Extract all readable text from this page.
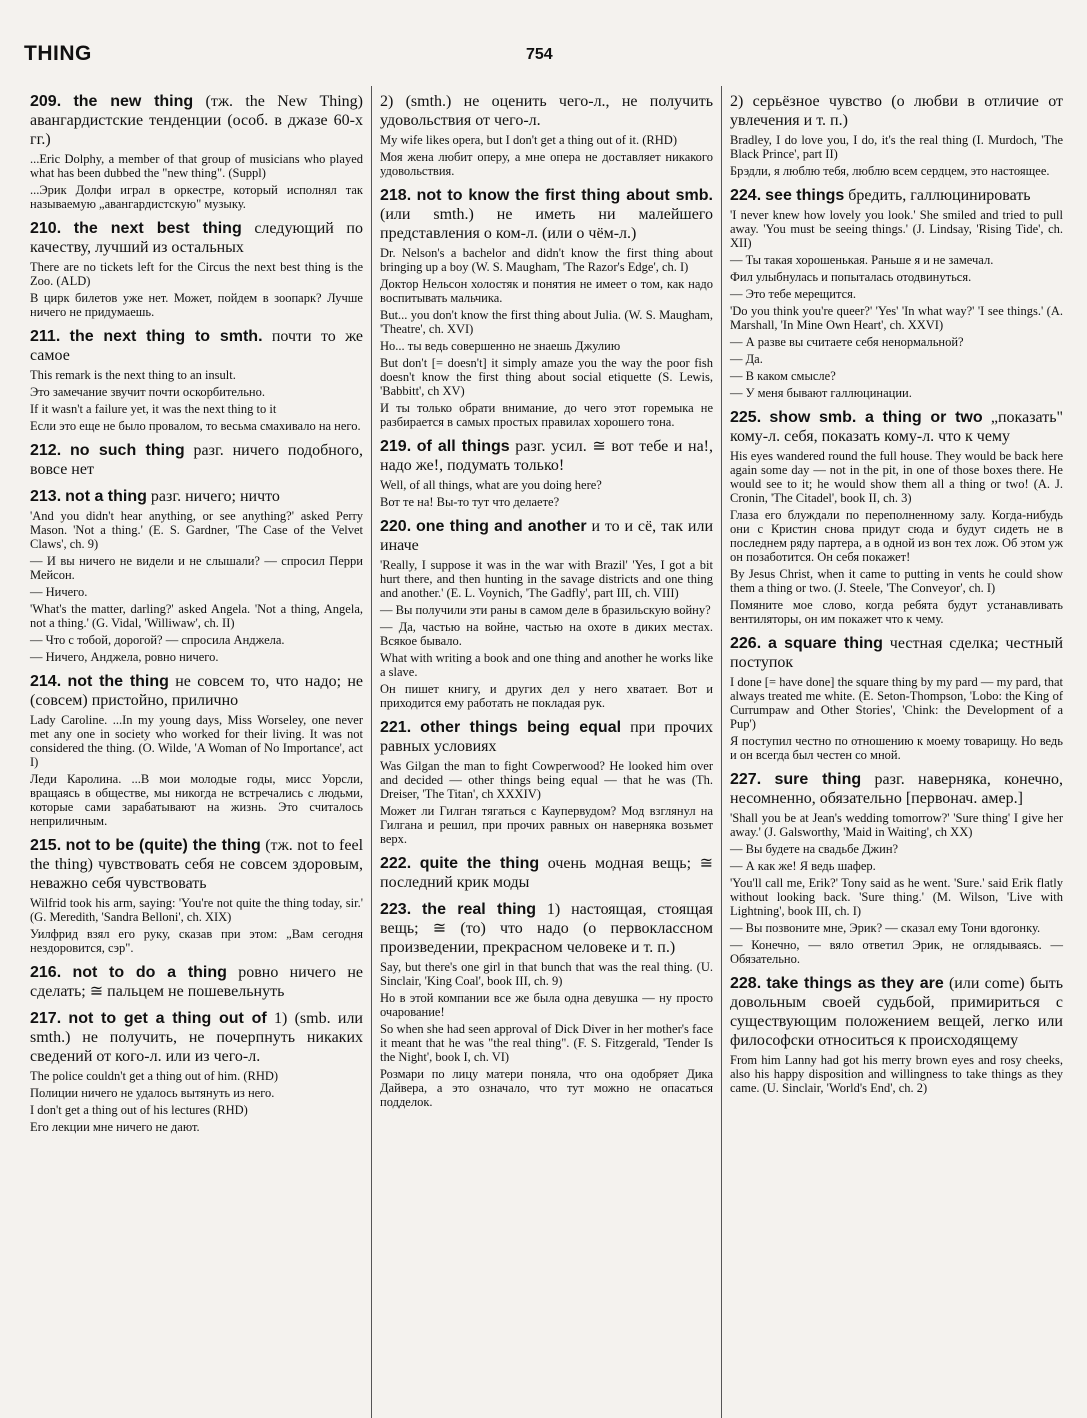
THING	754
209. the new thing (тж. the New Thing) авангардистские тенденции (особ. в джазе 60-х гг.)
...Eric Dolphy, a member of that group of musicians who played what has been dubbed the "new thing". (Suppl)
...Эрик Долфи играл в оркестре, который исполнял так называемую „авангардистскую" музыку.
210. the next best thing следующий по качеству, лучший из остальных
There are no tickets left for the Circus the next best thing is the Zoo. (ALD)
В цирк билетов уже нет. Может, пойдем в зоопарк? Лучше ничего не придумаешь.
211. the next thing to smth. почти то же самое
This remark is the next thing to an insult.
Это замечание звучит почти оскорбительно.
If it wasn't a failure yet, it was the next thing to it
Если это еще не было провалом, то весьма смахивало на него.
212. no such thing разг. ничего подобного, вовсе нет
213. not a thing разг. ничего; ничто
'And you didn't hear anything, or see anything?' asked Perry Mason. 'Not a thing.' (E. S. Gardner, 'The Case of the Velvet Claws', ch. 9)
— И вы ничего не видели и не слышали? — спросил Перри Мейсон.
— Ничего.
'What's the matter, darling?' asked Angela. 'Not a thing, Angela, not a thing.' (G. Vidal, 'Williwaw', ch. II)
— Что с тобой, дорогой? — спросила Анджела.
— Ничего, Анджела, ровно ничего.
214. not the thing не совсем то, что надо; не (совсем) пристойно, прилично
Lady Caroline. ...In my young days, Miss Worseley, one never met any one in society who worked for their living. It was not considered the thing. (O. Wilde, 'A Woman of No Importance', act I)
Леди Каролина. ...В мои молодые годы, мисс Уорсли, вращаясь в обществе, мы никогда не встречались с людьми, которые сами зарабатывают на жизнь. Это считалось неприличным.
215. not to be (quite) the thing (тж. not to feel the thing) чувствовать себя не совсем здоровым, неважно себя чувствовать
Wilfrid took his arm, saying: 'You're not quite the thing today, sir.' (G. Meredith, 'Sandra Belloni', ch. XIX)
Уилфрид взял его руку, сказав при этом: „Вам сегодня нездоровится, сэр".
216. not to do a thing ровно ничего не сделать; ≅ пальцем не пошевельнуть
217. not to get a thing out of 1) (smb. или smth.) не получить, не почерпнуть никаких сведений от кого-л. или из чего-л.
The police couldn't get a thing out of him. (RHD)
Полиции ничего не удалось вытянуть из него.
I don't get a thing out of his lectures (RHD)
Его лекции мне ничего не дают.
2) (smth.) не оценить чего-л., не получить удовольствия от чего-л.
My wife likes opera, but I don't get a thing out of it. (RHD)
Моя жена любит оперу, а мне опера не доставляет никакого удовольствия.
218. not to know the first thing about smb. (или smth.) не иметь ни малейшего представления о ком-л. (или о чём-л.)
Dr. Nelson's a bachelor and didn't know the first thing about bringing up a boy (W. S. Maugham, 'The Razor's Edge', ch. I)
Доктор Нельсон холостяк и понятия не имеет о том, как надо воспитывать мальчика.
But... you don't know the first thing about Julia. (W. S. Maugham, 'Theatre', ch. XVI)
Но... ты ведь совершенно не знаешь Джулию
But don't [= doesn't] it simply amaze you the way the poor fish doesn't know the first thing about social etiquette (S. Lewis, 'Babbitt', ch XV)
И ты только обрати внимание, до чего этот горемыка не разбирается в самых простых правилах хорошего тона.
219. of all things разг. усил. ≅ вот тебе и на!, надо же!, подумать только!
Well, of all things, what are you doing here?
Вот те на! Вы-то тут что делаете?
220. one thing and another и то и сё, так или иначе
'Really, I suppose it was in the war with Brazil' 'Yes, I got a bit hurt there, and then hunting in the savage districts and one thing and another.' (E. L. Voynich, 'The Gadfly', part III, ch. VIII)
— Вы получили эти раны в самом деле в бразильскую войну?
— Да, частью на войне, частью на охоте в диких местах. Всякое бывало.
What with writing a book and one thing and another he works like a slave.
Он пишет книгу, и других дел у него хватает. Вот и приходится ему работать не покладая рук.
221. other things being equal при прочих равных условиях
Was Gilgan the man to fight Cowperwood? He looked him over and decided — other things being equal — that he was (Th. Dreiser, 'The Titan', ch XXXIV)
Может ли Гилган тягаться с Каупервудом? Мод взглянул на Гилгана и решил, при прочих равных он наверняка возьмет верх.
222. quite the thing очень модная вещь; ≅ последний крик моды
223. the real thing 1) настоящая, стоящая вещь; ≅ (то) что надо (о первоклассном произведении, прекрасном человеке и т. п.)
Say, but there's one girl in that bunch that was the real thing. (U. Sinclair, 'King Coal', book III, ch. 9)
Но в этой компании все же была одна девушка — ну просто очарование!
So when she had seen approval of Dick Diver in her mother's face it meant that he was "the real thing". (F. S. Fitzgerald, 'Tender Is the Night', book I, ch. VI)
Розмари по лицу матери поняла, что она одобряет Дика Дайвера, а это означало, что тут можно не опасаться подделок.
2) серьёзное чувство (о любви в отличие от увлечения и т. п.)
Bradley, I do love you, I do, it's the real thing (I. Murdoch, 'The Black Prince', part II)
Брэдли, я люблю тебя, люблю всем сердцем, это настоящее.
224. see things бредить, галлюцинировать
'I never knew how lovely you look.' She smiled and tried to pull away. 'You must be seeing things.' (J. Lindsay, 'Rising Tide', ch. XII)
— Ты такая хорошенькая. Раньше я и не замечал.
Фил улыбнулась и попыталась отодвинуться.
— Это тебе мерещится.
'Do you think you're queer?' 'Yes' 'In what way?' 'I see things.' (A. Marshall, 'In Mine Own Heart', ch. XXVI)
— А разве вы считаете себя ненормальной?
— Да.
— В каком смысле?
— У меня бывают галлюцинации.
225. show smb. a thing or two „показать" кому-л. себя, показать кому-л. что к чему
His eyes wandered round the full house. They would be back here again some day — not in the pit, in one of those boxes there. He would see to it; he would show them all a thing or two! (A. J. Cronin, 'The Citadel', book II, ch. 3)
Глаза его блуждали по переполненному залу. Когда-нибудь они с Кристин снова придут сюда и будут сидеть не в последнем ряду партера, а в одной из вон тех лож. Об этом уж он позаботится. Он себя покажет!
By Jesus Christ, when it came to putting in vents he could show them a thing or two. (J. Steele, 'The Conveyor', ch. I)
Помяните мое слово, когда ребята будут устанавливать вентиляторы, он им покажет что к чему.
226. a square thing честная сделка; честный поступок
I done [= have done] the square thing by my pard — my pard, that always treated me white. (E. Seton-Thompson, 'Lobo: the King of Currumpaw and Other Stories', 'Chink: the Development of a Pup')
Я поступил честно по отношению к моему товарищу. Но ведь и он всегда был честен со мной.
227. sure thing разг. наверняка, конечно, несомненно, обязательно [первонач. амер.]
'Shall you be at Jean's wedding tomorrow?' 'Sure thing' I give her away.' (J. Galsworthy, 'Maid in Waiting', ch XX)
— Вы будете на свадьбе Джин?
— А как же! Я ведь шафер.
'You'll call me, Erik?' Tony said as he went. 'Sure.' said Erik flatly without looking back. 'Sure thing.' (M. Wilson, 'Live with Lightning', book III, ch. I)
— Вы позвоните мне, Эрик? — сказал ему Тони вдогонку.
— Конечно, — вяло ответил Эрик, не оглядываясь. — Обязательно.
228. take things as they are (или come) быть довольным своей судьбой, примириться с существующим положением вещей, легко или философски относиться к происходящему
From him Lanny had got his merry brown eyes and rosy cheeks, also his happy disposition and willingness to take things as they came. (U. Sinclair, 'World's End', ch. 2)
